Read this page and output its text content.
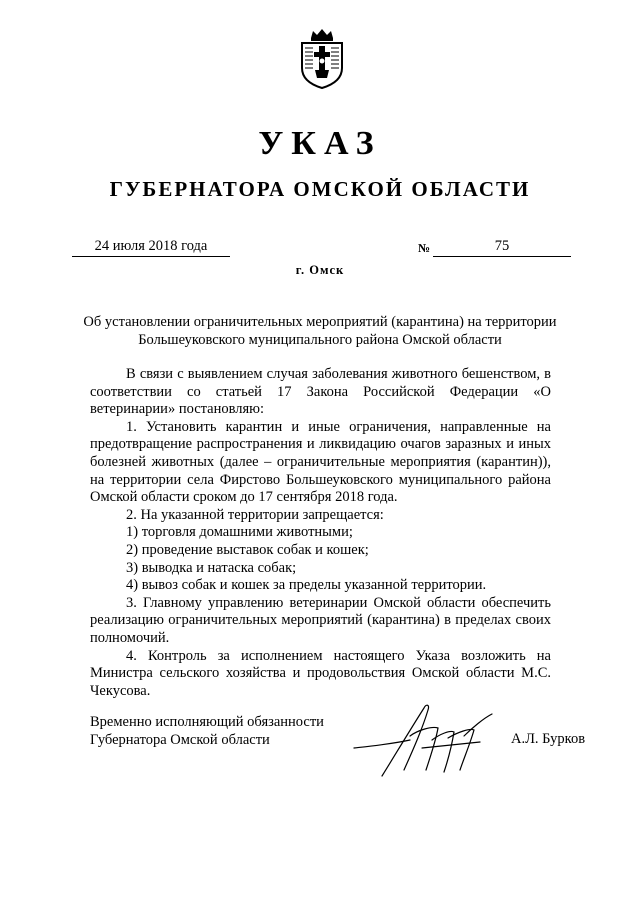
УКАЗ
ГУБЕРНАТОРА ОМСКОЙ ОБЛАСТИ
24 июля 2018 года	№	75
г. Омск
Об установлении ограничительных мероприятий (карантина) на территории
Большеуковского муниципального района Омской области

В связи с выявлением случая заболевания животного бешенством, в соответствии со статьей 17 Закона Российской Федерации «О ветеринарии» постановляю:

1. Установить карантин и иные ограничения, направленные на предотвращение распространения и ликвидацию очагов заразных и иных болезней животных (далее – ограничительные мероприятия (карантин)), на территории села Фирстово Большеуковского муниципального района Омской области сроком до 17 сентября 2018 года.

2. На указанной территории запрещается:

1) торговля домашними животными;

2) проведение выставок собак и кошек;

3) выводка и натаска собак;

4) вывоз собак и кошек за пределы указанной территории.

3. Главному управлению ветеринарии Омской области обеспечить реализацию ограничительных мероприятий (карантина) в пределах своих полномочий.

4. Контроль за исполнением настоящего Указа возложить на Министра сельского хозяйства и продовольствия Омской области М.С. Чекусова.

Временно исполняющий обязанности
Губернатора Омской области	А.Л. Бурков
